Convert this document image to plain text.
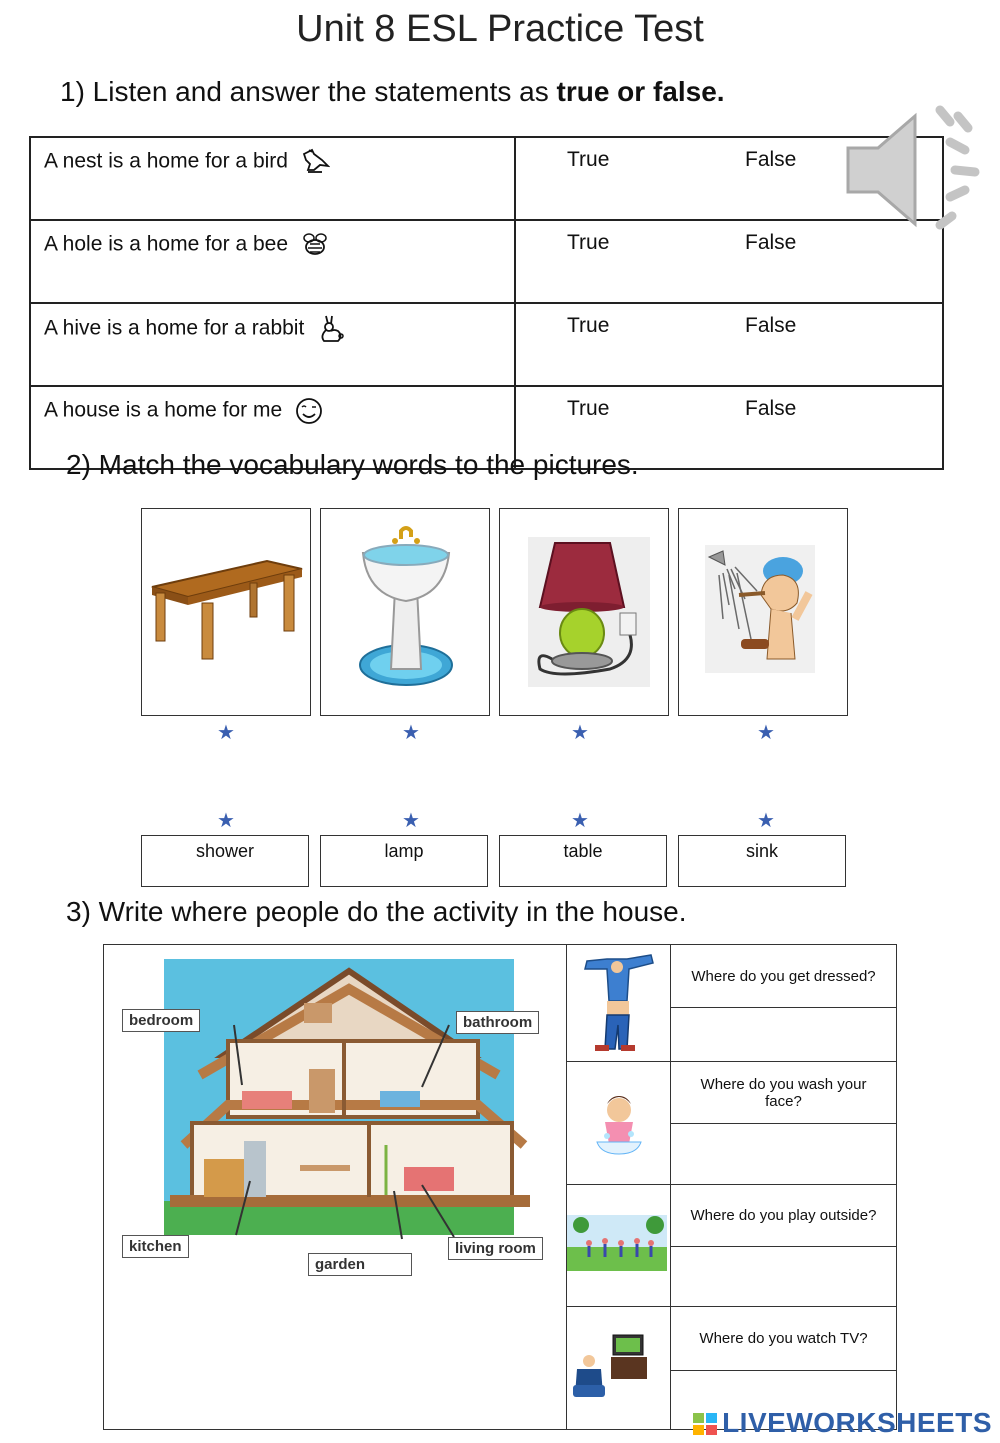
Unit 8 ESL Practice Test
1) Listen and answer the statements as true or false.
A nest is a home for a bird	True False

A hole is a home for a bee	True False

A hive is a home for a rabbit	True False

A house is a home for me	True False
2) Match the vocabulary words to the pictures.
★	★	★	★
★	★	★	★
shower	lamp	table	sink
3) Write where people do the activity in the house.
bedroom	bathroom
kitchen
garden
living room
Where do you get dressed?
Where do you wash your face?
Where do you play outside?
Where do you watch TV?
LIVEWORKSHEETS
